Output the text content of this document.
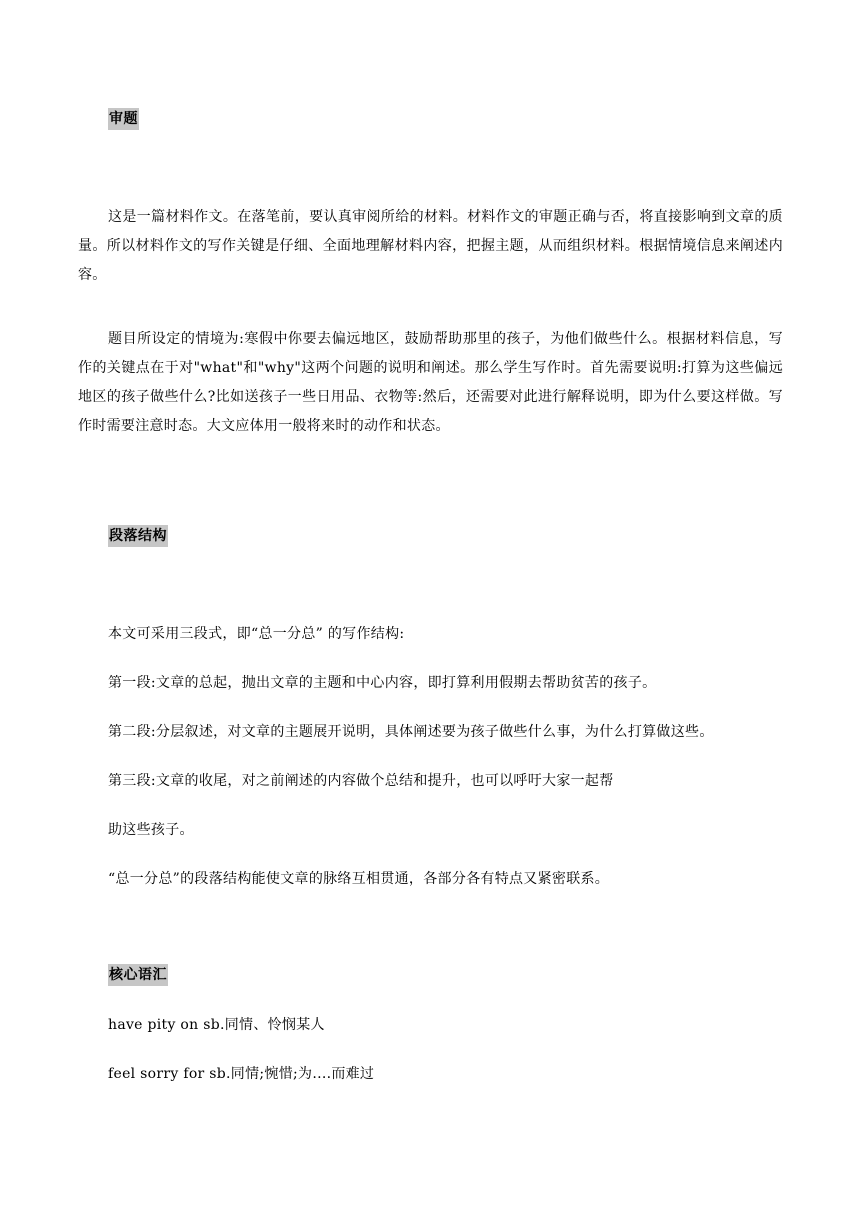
审题
这是一篇材料作文。在落笔前，要认真审阅所给的材料。材料作文的审题正确与否，将直接影响到文章的质量。所以材料作文的写作关键是仔细、全面地理解材料内容，把握主题，从而组织材料。根据情境信息来阐述内容。
题目所设定的情境为:寒假中你要去偏远地区，鼓励帮助那里的孩子，为他们做些什么。根据材料信息，写作的关键点在于对"what"和"why"这两个问题的说明和阐述。那么学生写作时。首先需要说明:打算为这些偏远地区的孩子做些什么?比如送孩子一些日用品、衣物等:然后，还需要对此进行解释说明，即为什么要这样做。写作时需要注意时态。大文应体用一般将来时的动作和状态。
段落结构
本文可采用三段式，即“总一分总” 的写作结构:
第一段:文章的总起，抛出文章的主题和中心内容，即打算利用假期去帮助贫苦的孩子。
第二段:分层叙述，对文章的主题展开说明，具体阐述要为孩子做些什么事，为什么打算做这些。
第三段:文章的收尾，对之前阐述的内容做个总结和提升，也可以呼吁大家一起帮
助这些孩子。
“总一分总”的段落结构能使文章的脉络互相贯通，各部分各有特点又紧密联系。
核心语汇
have pity on sb.同情、怜悯某人
feel sorry for sb.同情;惋惜;为....而难过
